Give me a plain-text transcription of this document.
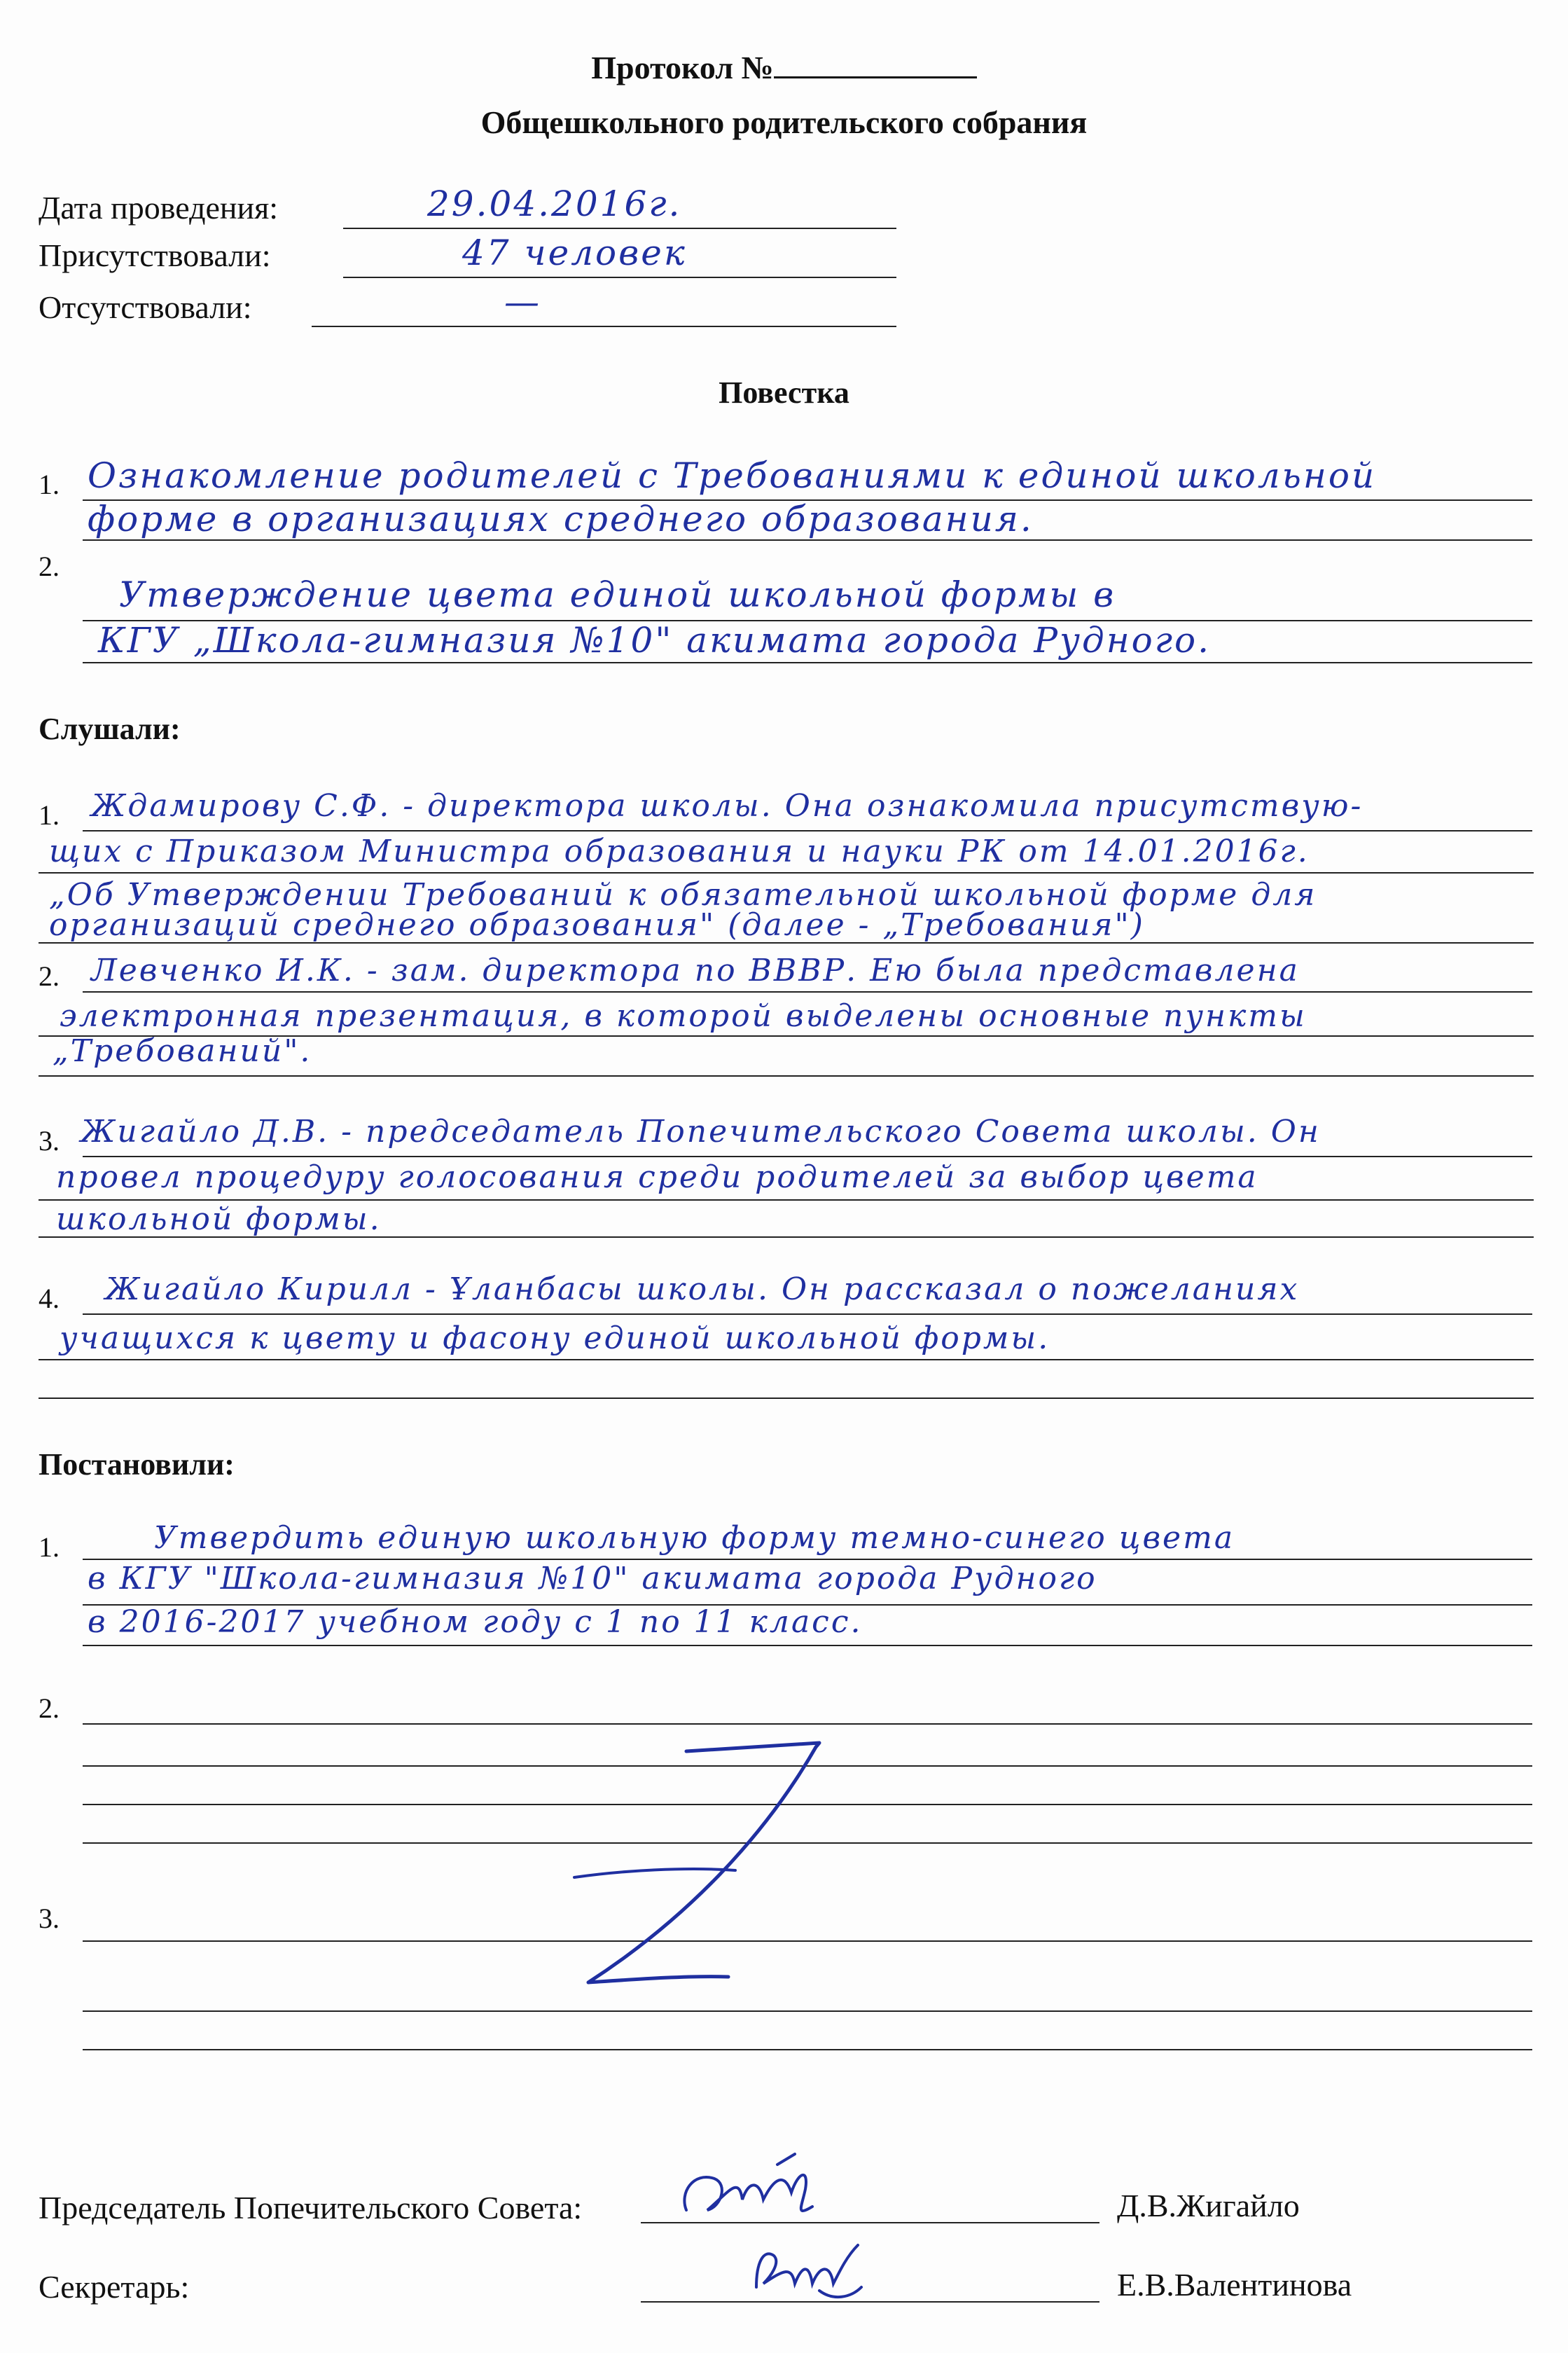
Протокол №
Общешкольного родительского собрания
Дата проведения:	29.04.2016г.
Присутствовали:	47 человек
Отсутствовали:	—
Повестка
1. Ознакомление родителей с Требованиями к единой школьной
форме в организациях среднего образования.
2.
Утверждение цвета единой школьной формы в
КГУ „Школа-гимназия №10" акимата города Рудного.
Слушали:
1. Ждамирову С.Ф. - директора школы. Она ознакомила присутствую-
щих с Приказом Министра образования и науки РК от 14.01.2016г.
„Об Утверждении Требований к обязательной школьной форме для
организаций среднего образования" (далее - „Требования")
2. Левченко И.К. - зам. директора по ВВВР. Ею была представлена
электронная презентация, в которой выделены основные пункты
„Требований".
3. Жигайло Д.В. - председатель Попечительского Совета школы. Он
провел процедуру голосования среди родителей за выбор цвета
школьной формы.
4. Жигайло Кирилл - Ұланбасы школы. Он рассказал о пожеланиях
учащихся к цвету и фасону единой школьной формы.
Постановили:
1.	Утвердить единую школьную форму темно-синего цвета
в КГУ "Школа-гимназия №10" акимата города Рудного
в 2016-2017 учебном году с 1 по 11 класс.
2.
3.
Председатель Попечительского Совета:	Д.В.Жигайло
Секретарь:	Е.В.Валентинова
